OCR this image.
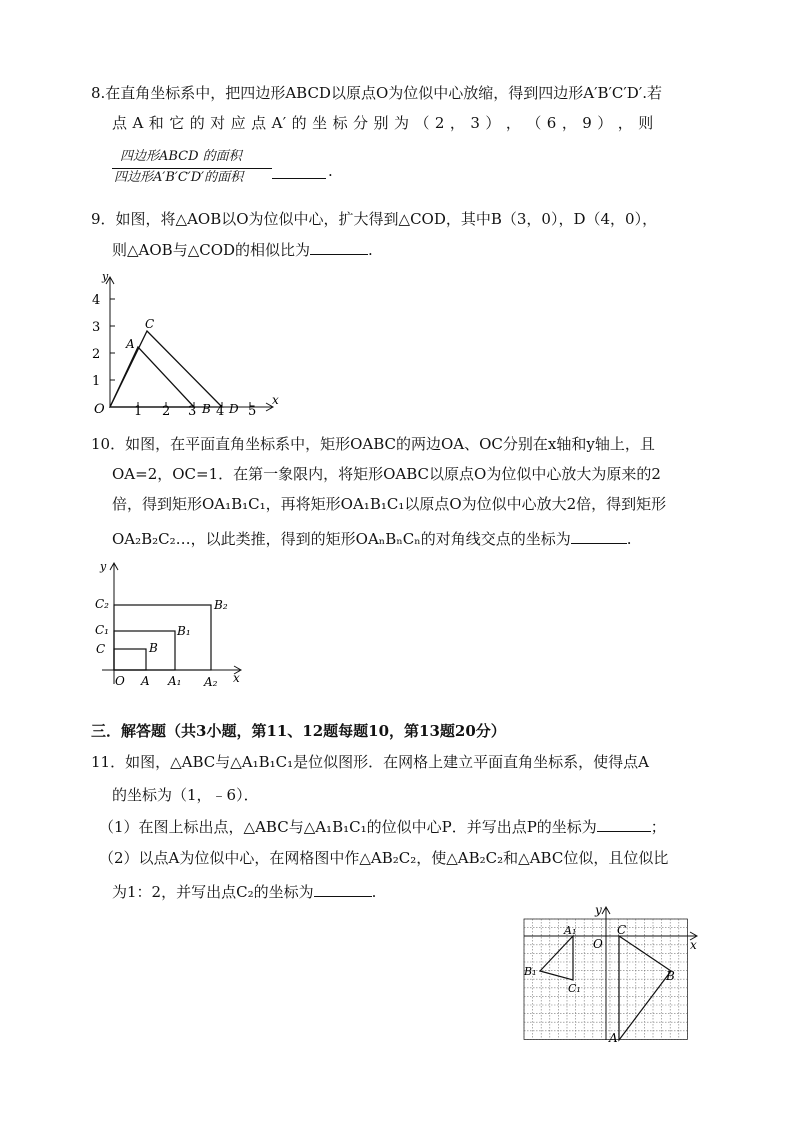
8.在直角坐标系中，把四边形ABCD以原点O为位似中心放缩，得到四边形A′B′C′D′.若
点 A 和 它 的 对 应 点 A′ 的 坐 标 分 别 为 （ 2 ， 3 ） ， （ 6 ， 9 ） ， 则
四边形ABCD 的面积
四边形A′B′C′D′的面积	.
9．如图，将△AOB以O为位似中心，扩大得到△COD，其中B（3，0），D（4，0），
则△AOB与△COD的相似比为	.
y
x
O
1
2
3
4
1 2 3 4 5
B D
A
C
10．如图，在平面直角坐标系中，矩形OABC的两边OA、OC分别在x轴和y轴上，且
OA=2，OC=1．在第一象限内，将矩形OABC以原点O为位似中心放大为原来的2
倍，得到矩形OA₁B₁C₁，再将矩形OA₁B₁C₁以原点O为位似中心放大2倍，得到矩形
OA₂B₂C₂…，以此类推，得到的矩形OAₙBₙCₙ的对角线交点的坐标为	.
y
x
O A A₁ A₂
C
C₁
C₂
B
B₁
B₂
三．解答题（共3小题，第11、12题每题10，第13题20分）
11．如图，△ABC与△A₁B₁C₁是位似图形．在网格上建立平面直角坐标系，使得点A
的坐标为（1，﹣6）．
（1）在图上标出点，△ABC与△A₁B₁C₁的位似中心P．并写出点P的坐标为	；
（2）以点A为位似中心，在网格图中作△AB₂C₂，使△AB₂C₂和△ABC位似，且位似比
为1：2，并写出点C₂的坐标为	.
y
x
O
C
B
A
A₁
B₁
C₁
